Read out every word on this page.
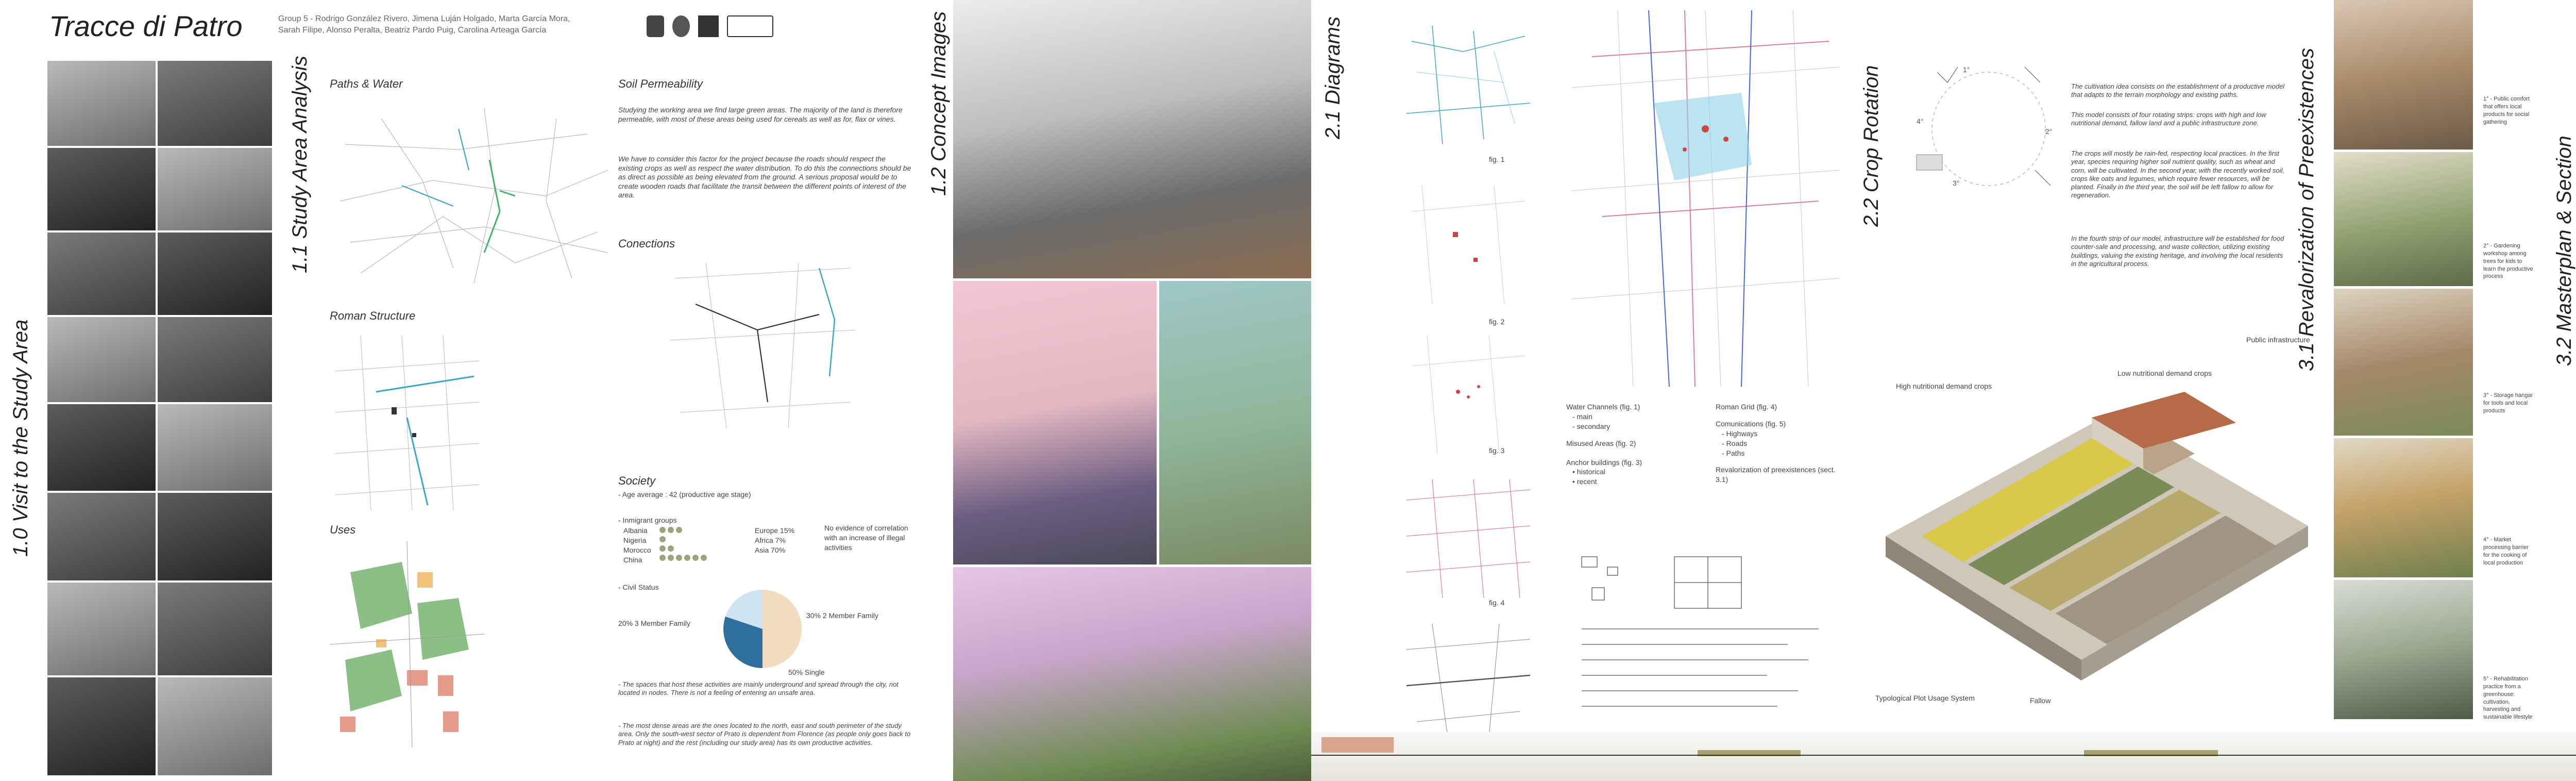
Tracce di Patro	Group 5 - Rodrigo González Rivero, Jimena Luján Holgado, Marta García Mora,
Sarah Filipe, Alonso Peralta, Beatriz Pardo Puig, Carolina Arteaga García
1.0 Visit to the Study Area
1.1 Study Area Analysis Paths & Water
Roman Structure
Uses
Soil Permeability
Studying the working area we find large green areas. The majority of the land is therefore permeable, with most of these areas being used for cereals as well as for, flax or vines.
We have to consider this factor for the project because the roads should respect the existing crops as well as respect the water distribution. To do this the connections should be as direct as possible as being elevated from the ground. A serious proposal would be to create wooden roads that facilitate the transit between the different points of interest of the area.
Conections
Society
- Age average : 42 (productive age stage)
- Inmigrant groups
Albania
Nigeria
Morocco
China
Europe 15%
Africa 7%
Asia 70%
No evidence of correlation with an increase of illegal activities
- Civil Status
20% 3 Member Family
30% 2 Member Family
50% Single
- The spaces that host these activities are mainly underground and spread through the city, not located in nodes. There is not a feeling of entering an unsafe area.
- The most dense areas are the ones located to the north, east and south perimeter of the study area. Only the south-west sector of Prato is dependent from Florence (as people only goes back to Prato at night) and the rest (including our study area) has its own productive activities.
1.2 Concept Images	2.1 Diagrams
fig. 1
fig. 2
fig. 3
fig. 4
Water Channels (fig. 1)
- main
- secondary
Misused Areas (fig. 2)
Anchor buildings (fig. 3)
• historical
• recent
Roman Grid (fig. 4)
Comunications (fig. 5)
- Highways
- Roads
- Paths
Revalorization of preexistences (sect. 3.1)
2.2 Crop Rotation	1°
2°
3°
4°
The cultivation idea consists on the establishment of a productive model that adapts to the terrain morphology and existing paths.
This model consists of four rotating strips: crops with high and low nutritional demand, fallow land and a public infrastructure zone.
The crops will mostly be rain-fed, respecting local practices. In the first year, species requiring higher soil nutrient quality, such as wheat and corn, will be cultivated. In the second year, with the recently worked soil, crops like oats and legumes, which require fewer resources, will be planted. Finally in the third year, the soil will be left fallow to allow for regeneration.
In the fourth strip of our model, infrastructure will be established for food counter-sale and processing, and waste collection, utilizing existing buildings, valuing the existing heritage, and involving the local residents in the agricultural process.
High nutritional demand crops
Low nutritional demand crops
Public infrastructure
Typological Plot Usage System	Fallow
3.1 Revalorization of Preexistences	1° - Public comfort that offers local products for social gathering
2° - Gardening workshop among trees for kids to learn the productive process
3° - Storage hangar for tools and local products
4° - Market processing barrier for the cooking of local production
5° - Rehabilitation practice from a greenhouse: cultivation, harvesting and sustainable lifestyle
3.2 Masterplan & Section
